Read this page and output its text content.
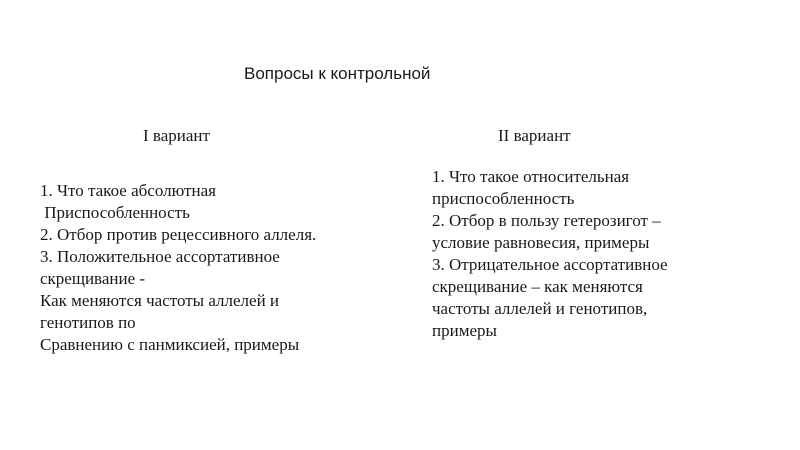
Вопросы к контрольной
I вариант	II вариант
1. Что такое абсолютная
Приспособленность
2. Отбор против рецессивного аллеля.
3. Положительное ассортативное
скрещивание -
Как меняются частоты аллелей и
генотипов по
Сравнению с панмиксией, примеры
1. Что такое относительная
приспособленность
2. Отбор в пользу гетерозигот –
условие равновесия, примеры
3. Отрицательное ассортативное
скрещивание – как меняются
частоты аллелей и генотипов,
примеры
